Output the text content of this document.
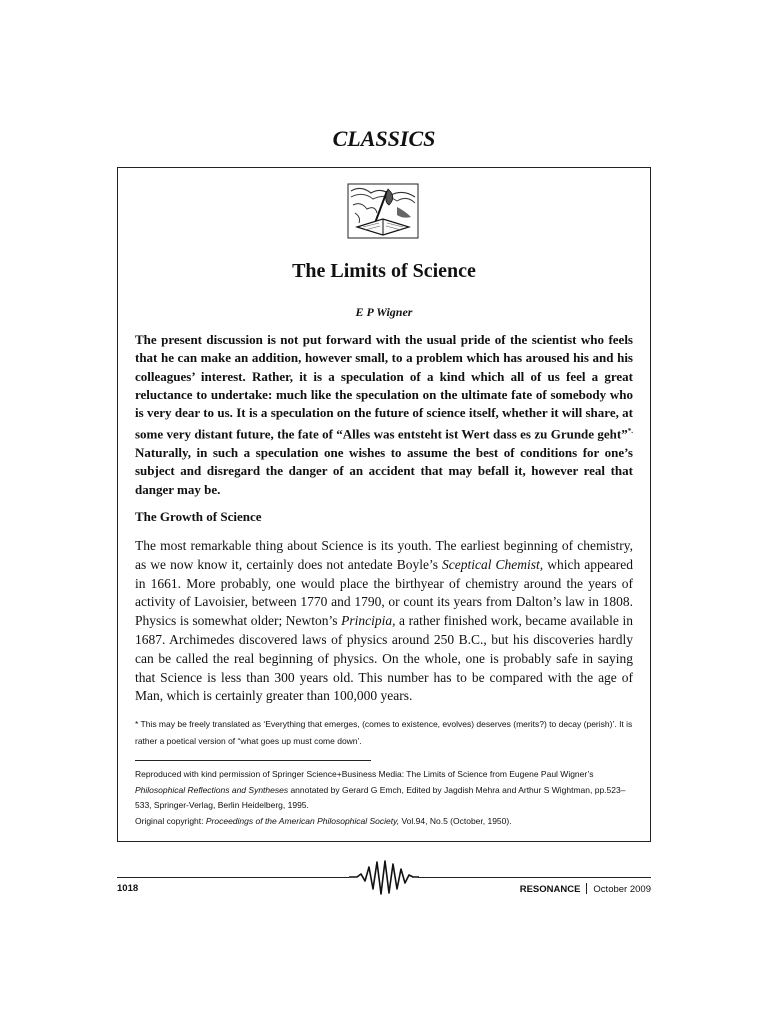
CLASSICS
The Limits of Science
E P Wigner
The present discussion is not put forward with the usual pride of the scientist who feels that he can make an addition, however small, to a problem which has aroused his and his colleagues’ interest. Rather, it is a speculation of a kind which all of us feel a great reluctance to undertake: much like the speculation on the ultimate fate of somebody who is very dear to us. It is a speculation on the future of science itself, whether it will share, at some very distant future, the fate of “Alles was entsteht ist Wert dass es zu Grunde geht”*. Naturally, in such a speculation one wishes to assume the best of conditions for one’s subject and disregard the danger of an accident that may befall it, however real that danger may be.
The Growth of Science
The most remarkable thing about Science is its youth. The earliest beginning of chemistry, as we now know it, certainly does not antedate Boyle’s Sceptical Chemist, which appeared in 1661. More probably, one would place the birthyear of chemistry around the years of activity of Lavoisier, between 1770 and 1790, or count its years from Dalton’s law in 1808. Physics is somewhat older; Newton’s Principia, a rather finished work, became available in 1687. Archimedes discovered laws of physics around 250 B.C., but his discoveries hardly can be called the real beginning of physics. On the whole, one is probably safe in saying that Science is less than 300 years old. This number has to be compared with the age of Man, which is certainly greater than 100,000 years.
* This may be freely translated as ‘Everything that emerges, (comes to existence, evolves) deserves (merits?) to decay (perish)’. It is rather a poetical version of “what goes up must come down’.
Reproduced with kind permission of Springer Science+Business Media: The Limits of Science from Eugene Paul Wigner’s Philosophical Reflections and Syntheses annotated by Gerard G Emch, Edited by Jagdish Mehra and Arthur S Wightman, pp.523–533, Springer-Verlag, Berlin Heidelberg, 1995.
Original copyright: Proceedings of the American Philosophical Society, Vol.94, No.5 (October, 1950).
1018	RESONANCE October 2009
